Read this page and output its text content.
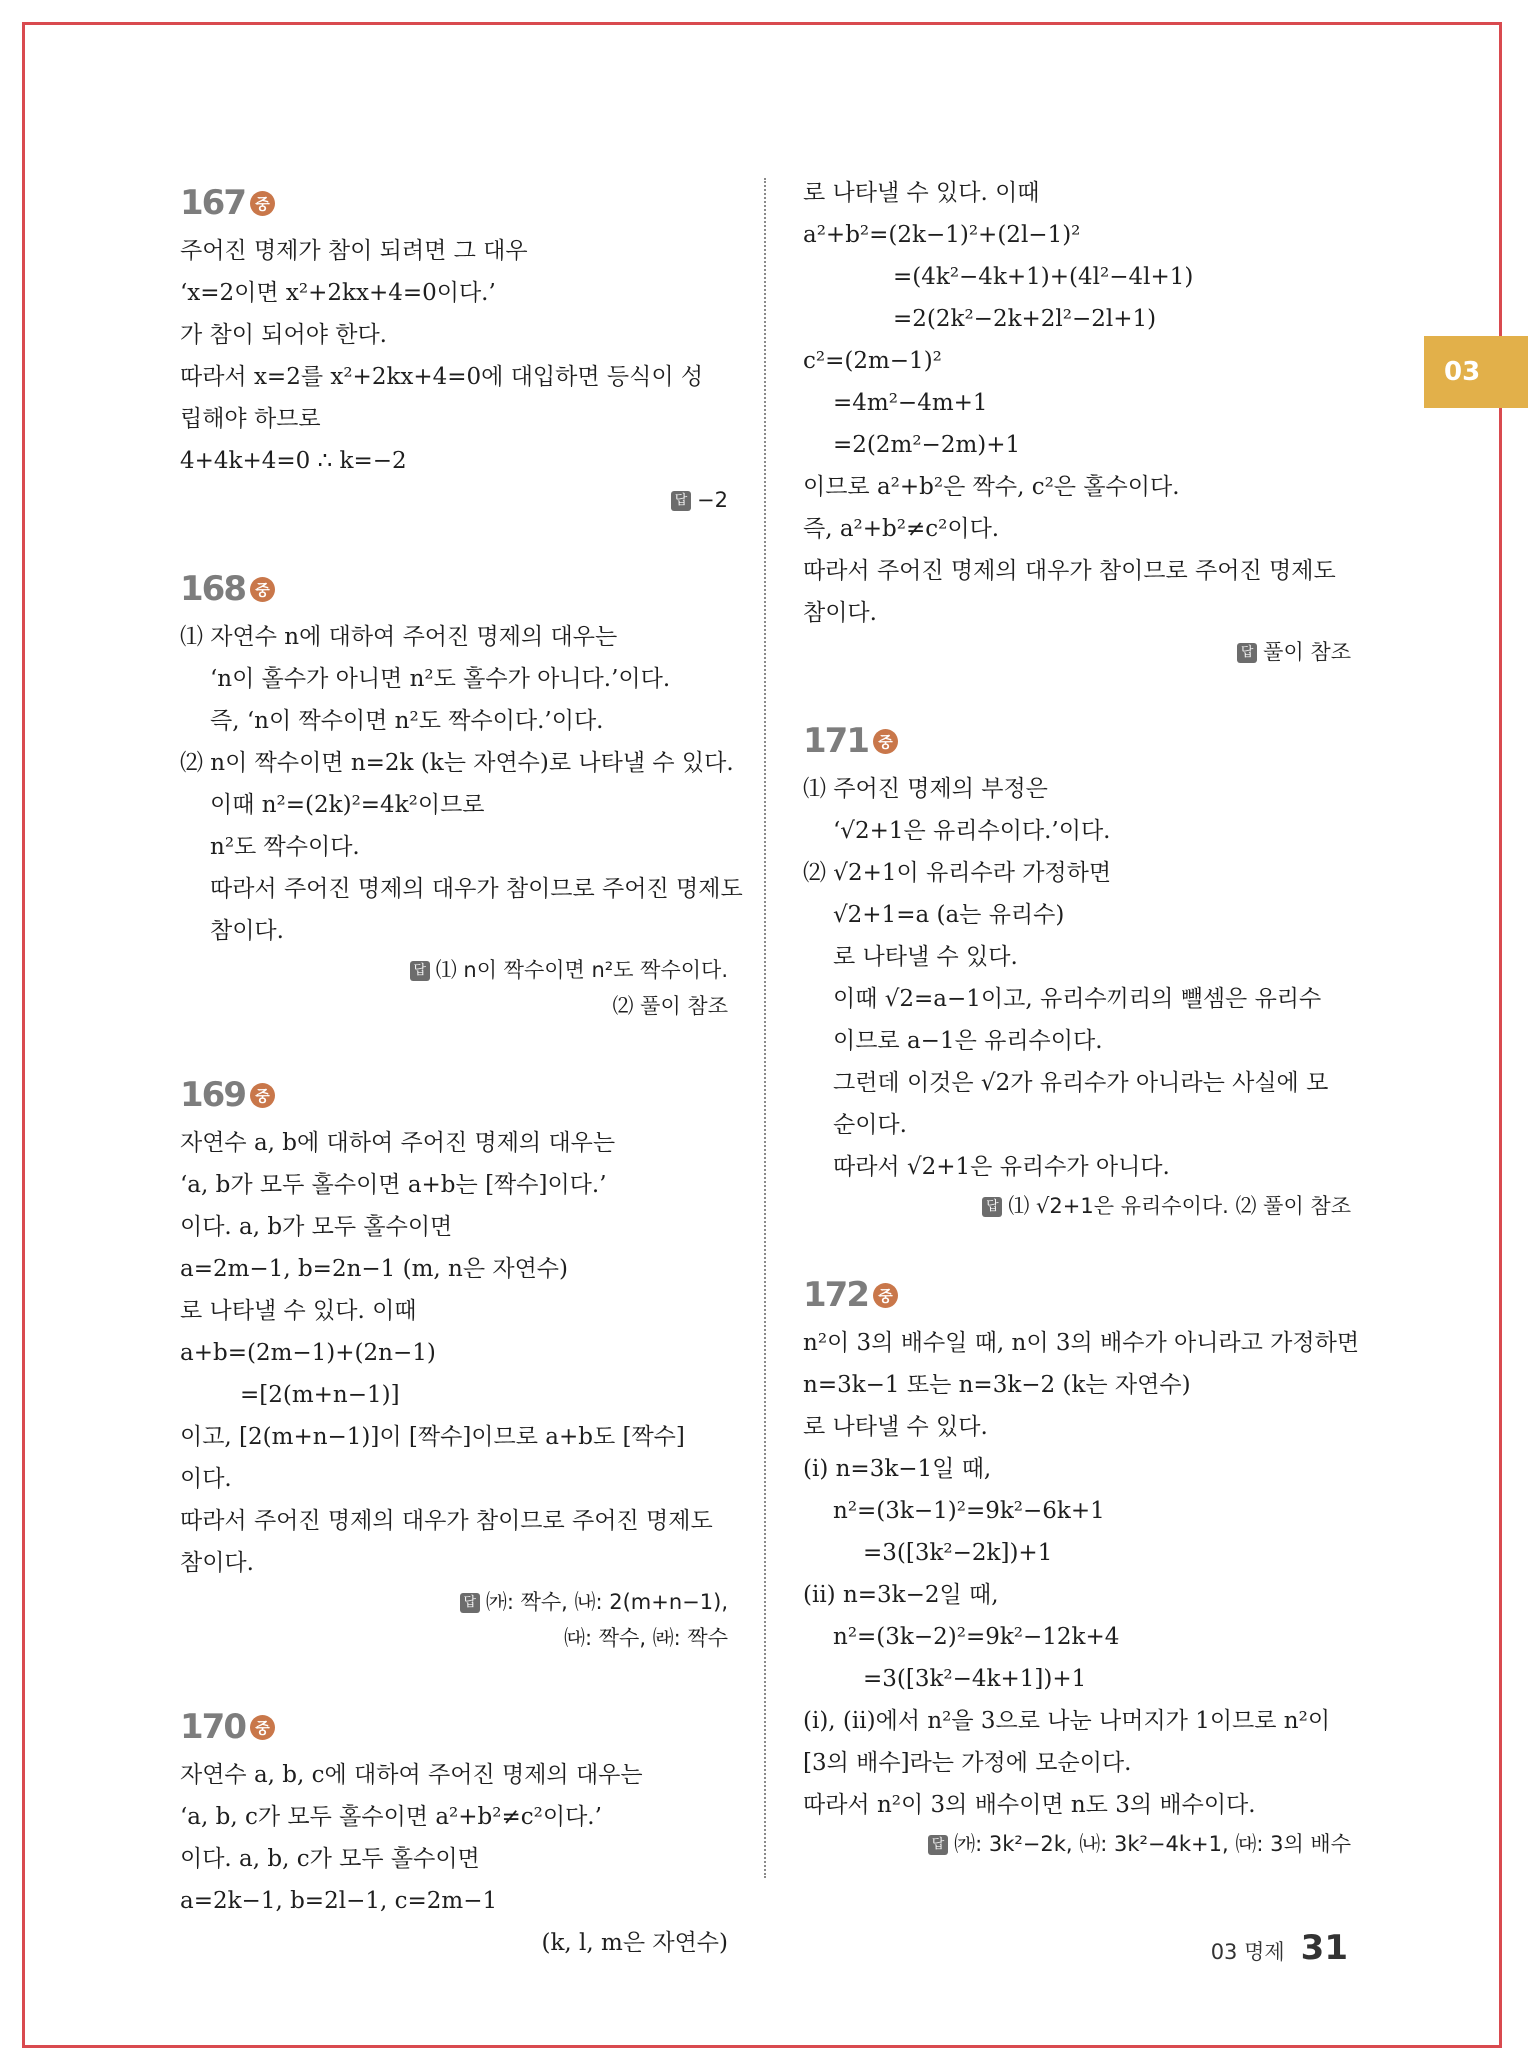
03
167 중
주어진 명제가 참이 되려면 그 대우
‘x=2이면 x²+2kx+4=0이다.’
가 참이 되어야 한다.
따라서 x=2를 x²+2kx+4=0에 대입하면 등식이 성
립해야 하므로
4+4k+4=0 ∴ k=−2
답 −2
168 중
⑴ 자연수 n에 대하여 주어진 명제의 대우는
‘n이 홀수가 아니면 n²도 홀수가 아니다.’이다.
즉, ‘n이 짝수이면 n²도 짝수이다.’이다.
⑵ n이 짝수이면 n=2k (k는 자연수)로 나타낼 수 있다.
이때 n²=(2k)²=4k²이므로
n²도 짝수이다.
따라서 주어진 명제의 대우가 참이므로 주어진 명제도
참이다.
답 ⑴ n이 짝수이면 n²도 짝수이다.
⑵ 풀이 참조
169 중
자연수 a, b에 대하여 주어진 명제의 대우는
‘a, b가 모두 홀수이면 a+b는 [짝수]이다.’
이다. a, b가 모두 홀수이면
a=2m−1, b=2n−1 (m, n은 자연수)
로 나타낼 수 있다. 이때
a+b=(2m−1)+(2n−1)
=[2(m+n−1)]
이고, [2(m+n−1)]이 [짝수]이므로 a+b도 [짝수]
이다.
따라서 주어진 명제의 대우가 참이므로 주어진 명제도
참이다.
답 ㈎: 짝수, ㈏: 2(m+n−1),
㈐: 짝수, ㈑: 짝수
170 중
자연수 a, b, c에 대하여 주어진 명제의 대우는
‘a, b, c가 모두 홀수이면 a²+b²≠c²이다.’
이다. a, b, c가 모두 홀수이면
a=2k−1, b=2l−1, c=2m−1
(k, l, m은 자연수)
로 나타낼 수 있다. 이때
a²+b²=(2k−1)²+(2l−1)²
=(4k²−4k+1)+(4l²−4l+1)
=2(2k²−2k+2l²−2l+1)
c²=(2m−1)²
=4m²−4m+1
=2(2m²−2m)+1
이므로 a²+b²은 짝수, c²은 홀수이다.
즉, a²+b²≠c²이다.
따라서 주어진 명제의 대우가 참이므로 주어진 명제도
참이다.
답 풀이 참조
171 중
⑴ 주어진 명제의 부정은
‘√2+1은 유리수이다.’이다.
⑵ √2+1이 유리수라 가정하면
√2+1=a (a는 유리수)
로 나타낼 수 있다.
이때 √2=a−1이고, 유리수끼리의 뺄셈은 유리수
이므로 a−1은 유리수이다.
그런데 이것은 √2가 유리수가 아니라는 사실에 모
순이다.
따라서 √2+1은 유리수가 아니다.
답 ⑴ √2+1은 유리수이다. ⑵ 풀이 참조
172 중
n²이 3의 배수일 때, n이 3의 배수가 아니라고 가정하면
n=3k−1 또는 n=3k−2 (k는 자연수)
로 나타낼 수 있다.
(ⅰ) n=3k−1일 때,
n²=(3k−1)²=9k²−6k+1
=3([3k²−2k])+1
(ⅱ) n=3k−2일 때,
n²=(3k−2)²=9k²−12k+4
=3([3k²−4k+1])+1
(ⅰ), (ⅱ)에서 n²을 3으로 나눈 나머지가 1이므로 n²이
[3의 배수]라는 가정에 모순이다.
따라서 n²이 3의 배수이면 n도 3의 배수이다.
답 ㈎: 3k²−2k, ㈏: 3k²−4k+1, ㈐: 3의 배수
03 명제 31
